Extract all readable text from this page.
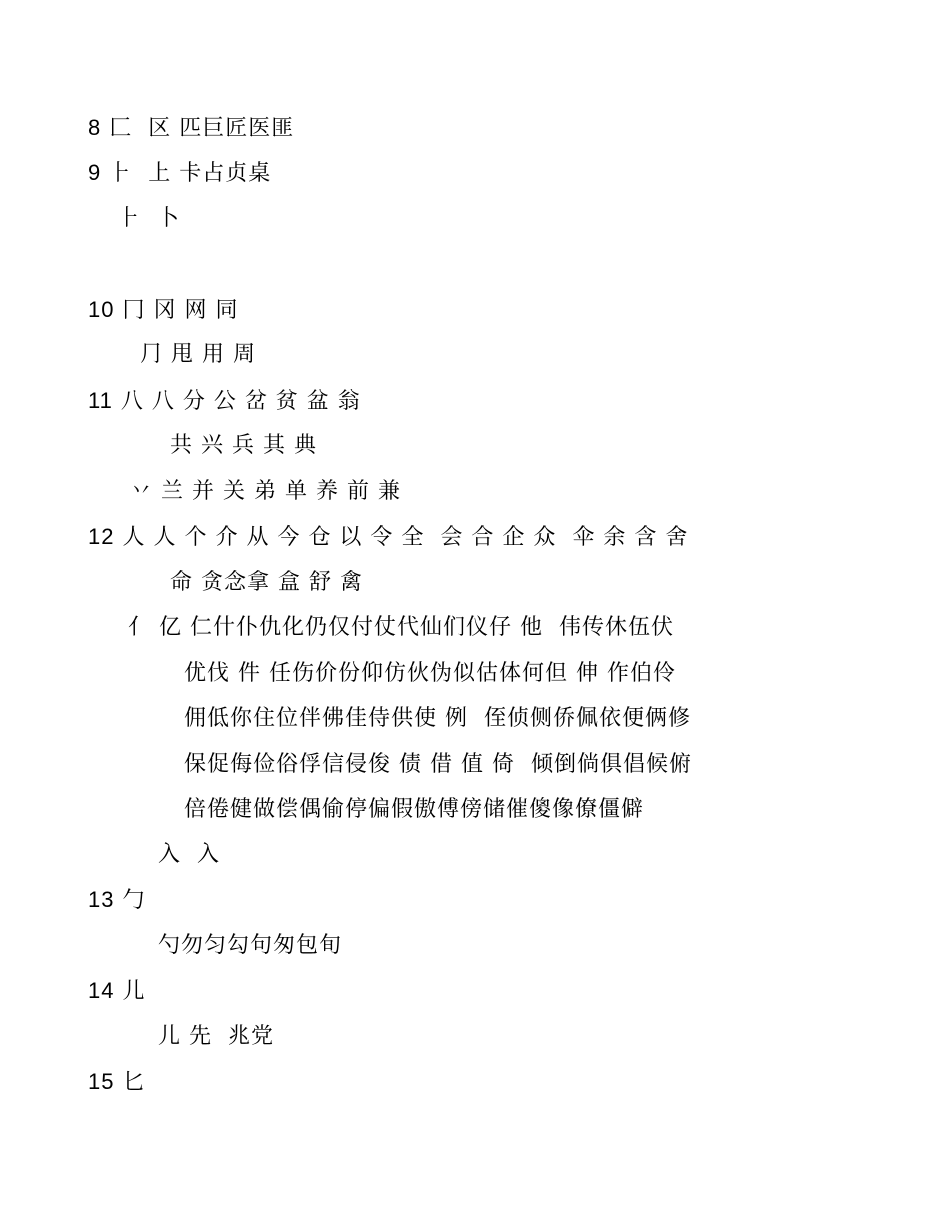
8 匚  区 匹巨匠医匪
9 ⺊  上 卡占贞桌
⺊  卜
10 冂 冈 网 同
⺆ 甩 用 周
11 八 八 分 公 岔 贫 盆 翁
共 兴 兵 其 典
丷 兰 并 关 弟 单 养 前 兼
12 人 人 个 介 从 今 仓 以 令 全  会 合 企 众  伞 余 含 舍
命 贪念拿 盒 舒 禽
亻 亿 仁什仆仇化仍仅付仗代仙们仪仔 他  伟传休伍伏
优伐 件 任伤价份仰仿伙伪似估体何但 伸 作伯伶
佣低你住位伴佛佳侍供使 例  侄侦侧侨佩依便俩修
保促侮俭俗俘信侵俊 债 借 值 倚  倾倒倘俱倡候俯
倍倦健做偿偶偷停偏假傲傅傍储催傻像僚僵僻
入  入
13 勹
勺勿匀勾句匆包旬
14 儿
儿 先  兆党
15 匕
